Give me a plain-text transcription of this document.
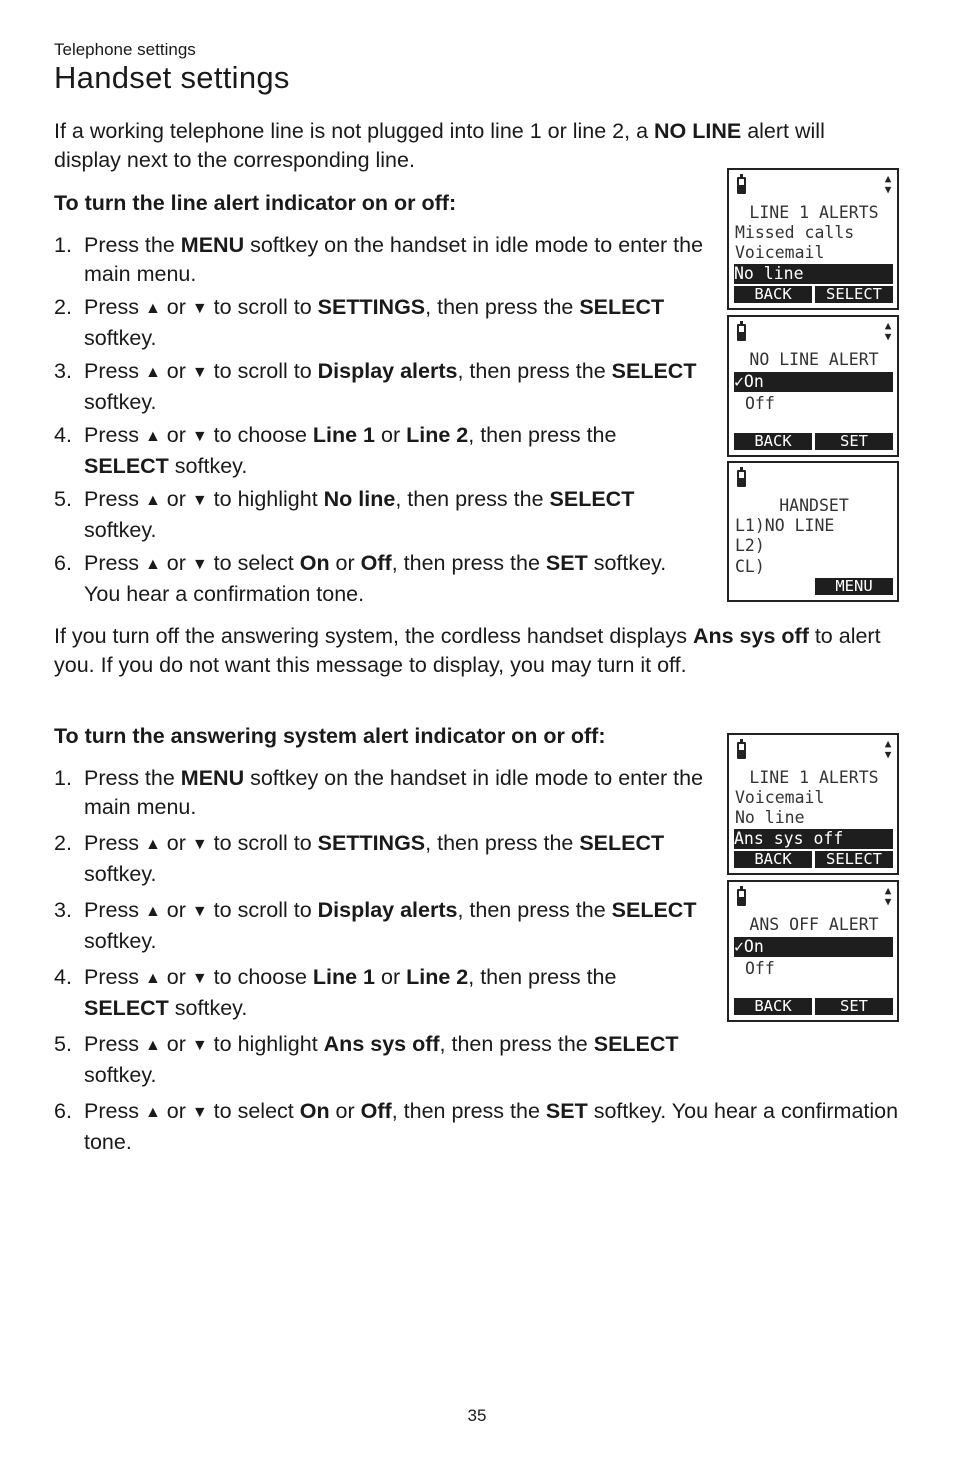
Telephone settings
Handset settings
If a working telephone line is not plugged into line 1 or line 2, a NO LINE alert will display next to the corresponding line.
To turn the line alert indicator on or off:
1. Press the MENU softkey on the handset in idle mode to enter the main menu.
2. Press ▲ or ▼ to scroll to SETTINGS, then press the SELECT softkey.
3. Press ▲ or ▼ to scroll to Display alerts, then press the SELECT softkey.
4. Press ▲ or ▼ to choose Line 1 or Line 2, then press the SELECT softkey.
5. Press ▲ or ▼ to highlight No line, then press the SELECT softkey.
6. Press ▲ or ▼ to select On or Off, then press the SET softkey. You hear a confirmation tone.
If you turn off the answering system, the cordless handset displays Ans sys off to alert you. If you do not want this message to display, you may turn it off.
To turn the answering system alert indicator on or off:
1. Press the MENU softkey on the handset in idle mode to enter the main menu.
2. Press ▲ or ▼ to scroll to SETTINGS, then press the SELECT softkey.
3. Press ▲ or ▼ to scroll to Display alerts, then press the SELECT softkey.
4. Press ▲ or ▼ to choose Line 1 or Line 2, then press the SELECT softkey.
5. Press ▲ or ▼ to highlight Ans sys off, then press the SELECT softkey.
6. Press ▲ or ▼ to select On or Off, then press the SET softkey. You hear a confirmation tone.
▲
▼
LINE 1 ALERTS
Missed calls
Voicemail
No line
BACK	SELECT
▲
▼
NO LINE ALERT
✓On
Off
BACK	SET
HANDSET
L1)NO LINE
L2)
CL)
MENU
▲
▼
LINE 1 ALERTS
Voicemail
No line
Ans sys off
BACK	SELECT
▲
▼
ANS OFF ALERT
✓On
Off
BACK	SET
35
